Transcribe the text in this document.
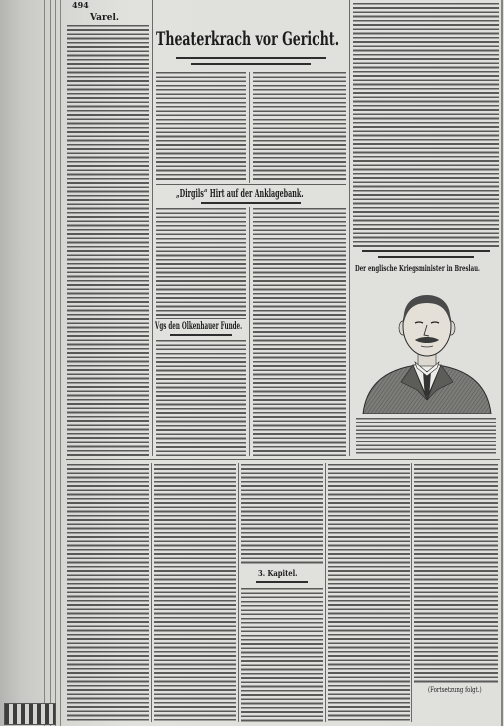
494
Varel.
Theaterkrach vor Gericht.
„Dirgils“ Hirt auf der Anklagebank.
Vgs den Olkenhauer Funde.
Der englische Kriegsminister in Breslau.
3. Kapitel.
(Fortsetzung folgt.)
